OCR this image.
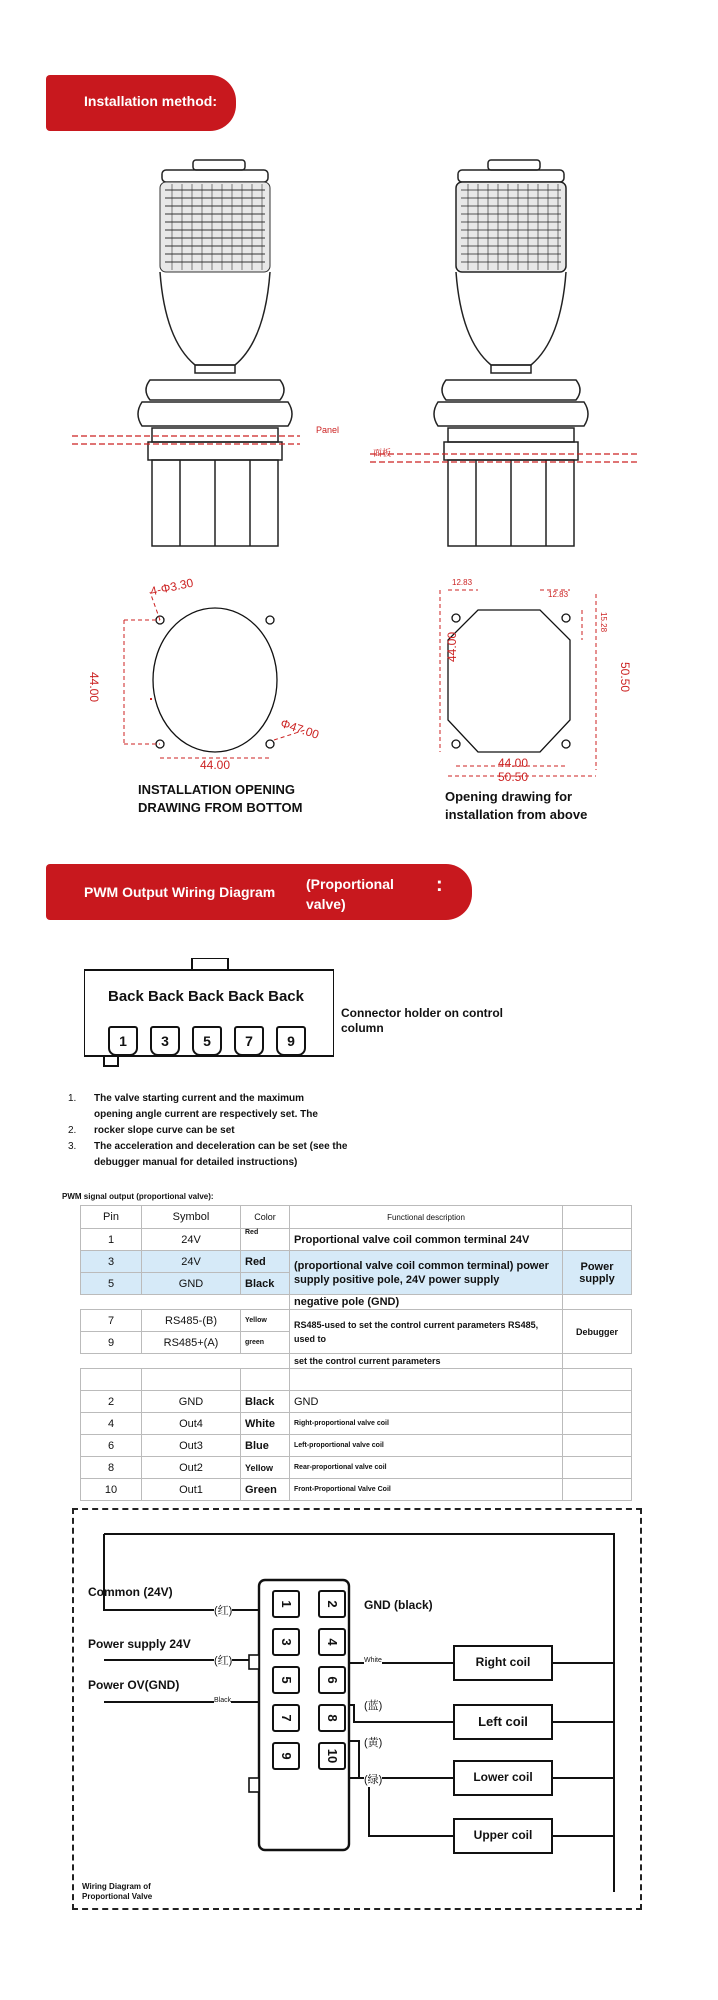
Installation method:
Panel
面板
4-Φ3.30
44.00
Φ47.00
44.00
12.83
12.83
15.28
44.00
50.50
44.00
50.50
INSTALLATION OPENING
DRAWING FROM BOTTOM
Opening drawing for
installation from above
PWM Output Wiring Diagram (Proportional
valve)
:
Back Back Back Back Back
1	3	5	7	9
Connector holder on control
column
1. The valve starting current and the maximum
opening angle current are respectively set. The
2. rocker slope curve can be set
3. The acceleration and deceleration can be set (see the
debugger manual for detailed instructions)
PWM signal output (proportional valve):
Pin	Symbol	Color	Functional description	
1	24V	Red	Proportional valve coil common terminal 24V	
3	24V	Red	(proportional valve coil common terminal) power supply positive pole, 24V power supply	Power supply
5	GND	Black		
			negative pole (GND)	
7	RS485-(B)	Yellow	RS485-used to set the control current parameters RS485, used to	Debugger
9	RS485+(A)	green		
			set the control current parameters	

2	GND	Black	GND	
4	Out4	White	Right-proportional valve coil	
6	Out3	Blue	Left-proportional valve coil	
8	Out2	Yellow	Rear-proportional valve coil	
10	Out1	Green	Front-Proportional Valve Coil	
1	2
3	4
5	6
7	8
9	10
Common (24V)
Power supply 24V
Power OV(GND)
GND (black)
(红)
(红)
Black
White
(蓝)
(黄)
(绿)
Right coil
Left coil
Lower coil
Upper coil
Wiring Diagram of
Proportional Valve
